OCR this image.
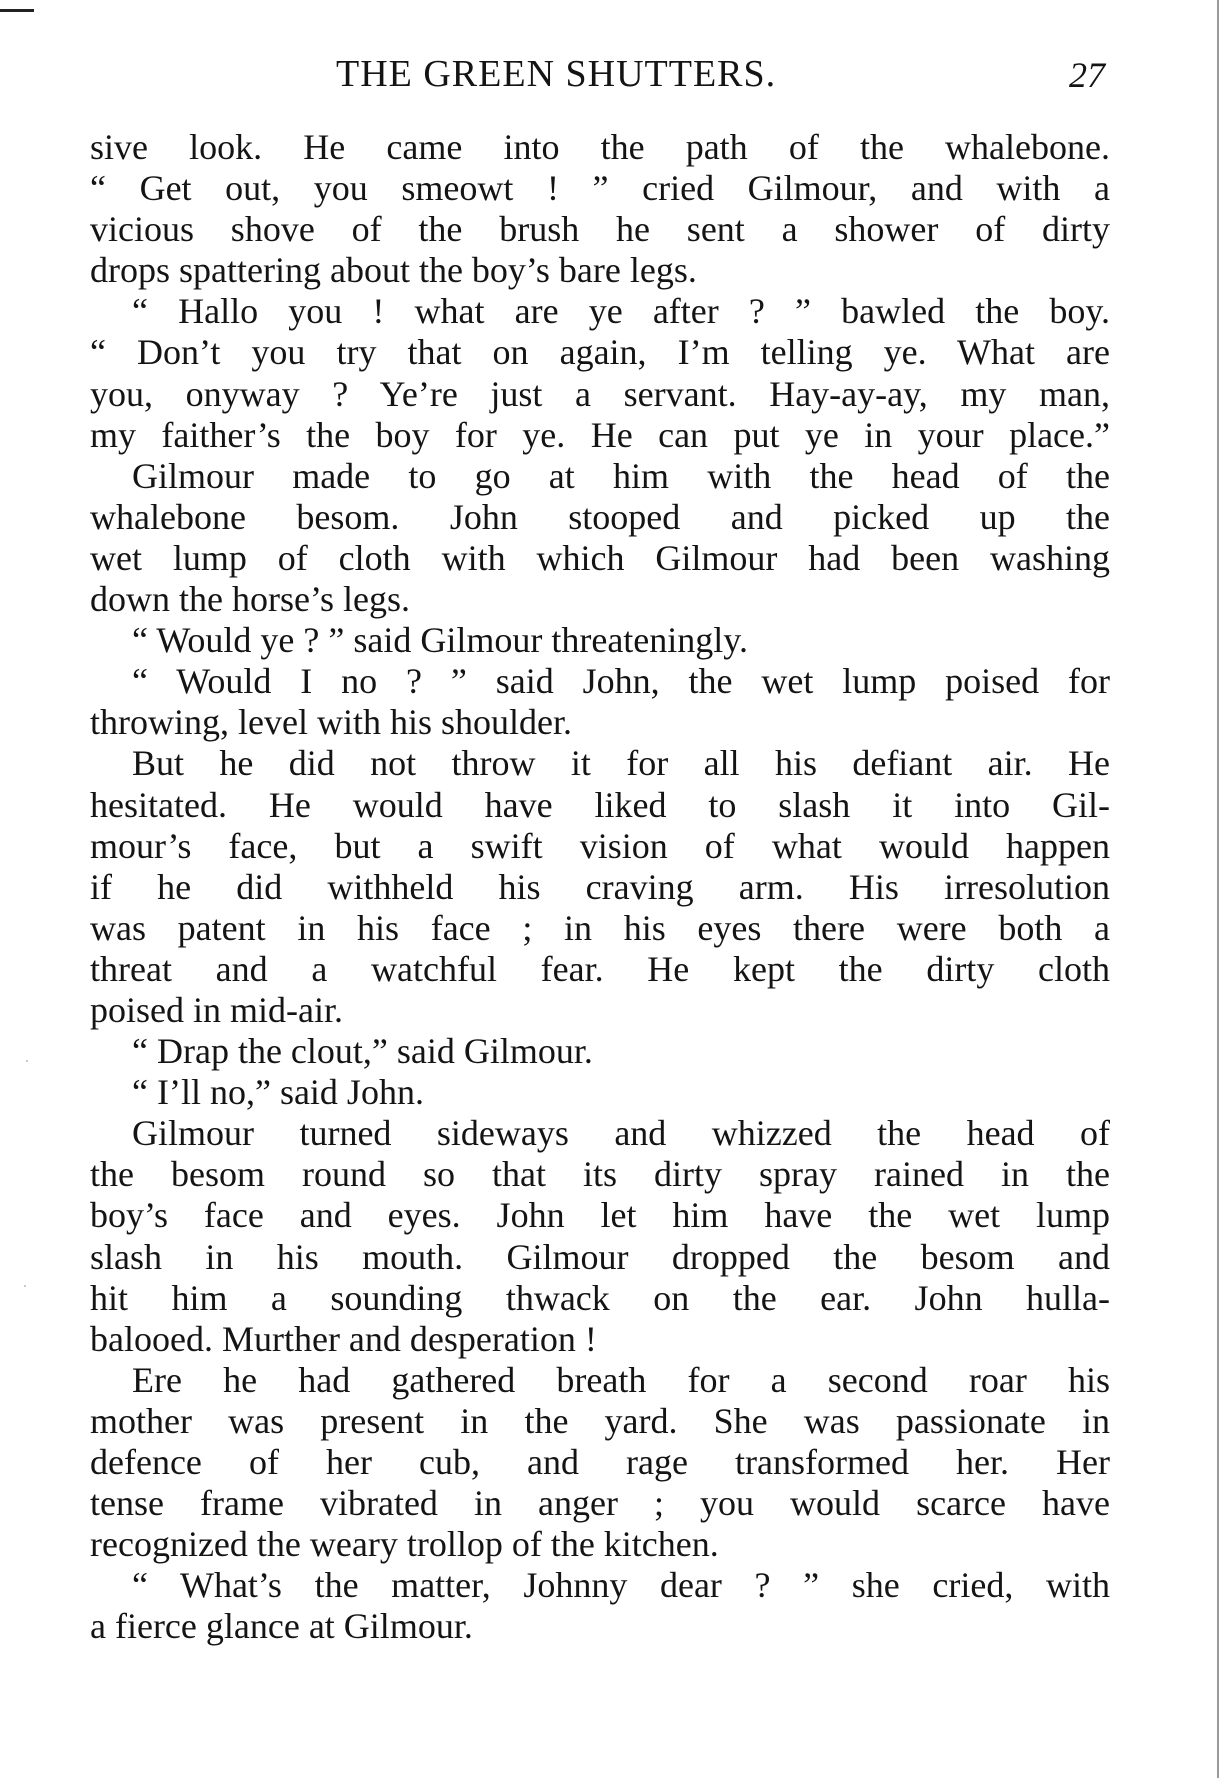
THE GREEN SHUTTERS.	27
sive look. He came into the path of the whalebone.
“ Get out, you smeowt ! ” cried Gilmour, and with a
vicious shove of the brush he sent a shower of dirty
drops spattering about the boy’s bare legs.
“ Hallo you ! what are ye after ? ” bawled the boy.
“ Don’t you try that on again, I’m telling ye. What are
you, onyway ? Ye’re just a servant. Hay-ay-ay, my man,
my faither’s the boy for ye. He can put ye in your place.”
Gilmour made to go at him with the head of the
whalebone besom. John stooped and picked up the
wet lump of cloth with which Gilmour had been washing
down the horse’s legs.
“ Would ye ? ” said Gilmour threateningly.
“ Would I no ? ” said John, the wet lump poised for
throwing, level with his shoulder.
But he did not throw it for all his defiant air. He
hesitated. He would have liked to slash it into Gil-
mour’s face, but a swift vision of what would happen
if he did withheld his craving arm. His irresolution
was patent in his face ; in his eyes there were both a
threat and a watchful fear. He kept the dirty cloth
poised in mid-air.
“ Drap the clout,” said Gilmour.
“ I’ll no,” said John.
Gilmour turned sideways and whizzed the head of
the besom round so that its dirty spray rained in the
boy’s face and eyes. John let him have the wet lump
slash in his mouth. Gilmour dropped the besom and
hit him a sounding thwack on the ear. John hulla-
balooed. Murther and desperation !
Ere he had gathered breath for a second roar his
mother was present in the yard. She was passionate in
defence of her cub, and rage transformed her. Her
tense frame vibrated in anger ; you would scarce have
recognized the weary trollop of the kitchen.
“ What’s the matter, Johnny dear ? ” she cried, with
a fierce glance at Gilmour.
